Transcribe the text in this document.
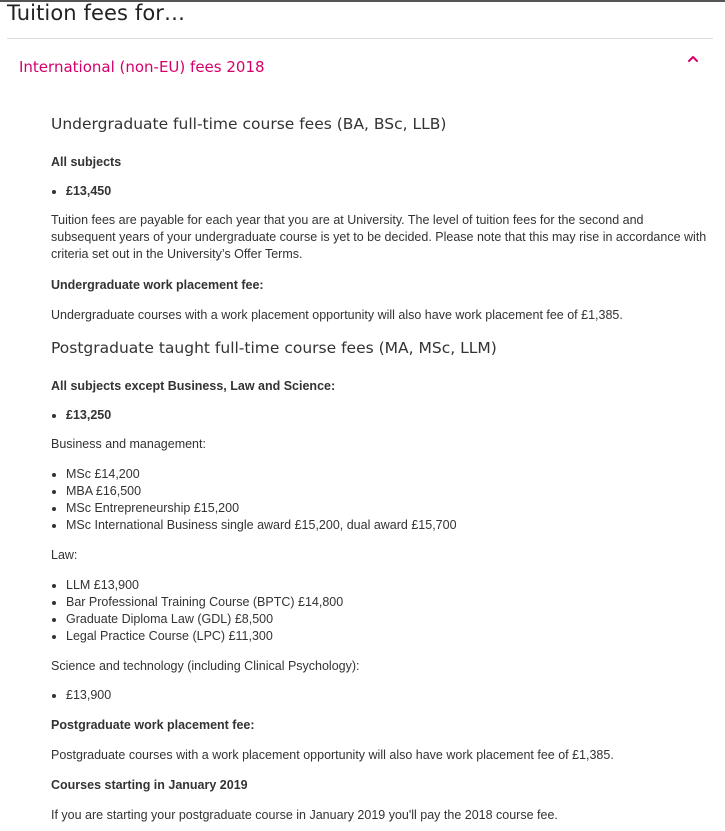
Tuition fees for…
International (non-EU) fees 2018
Undergraduate full-time course fees (BA, BSc, LLB)

All subjects

• £13,450

Tuition fees are payable for each year that you are at University. The level of tuition fees for the second and subsequent years of your undergraduate course is yet to be decided. Please note that this may rise in accordance with criteria set out in the University’s Offer Terms.

Undergraduate work placement fee:

Undergraduate courses with a work placement opportunity will also have work placement fee of £1,385.

Postgraduate taught full-time course fees (MA, MSc, LLM)

All subjects except Business, Law and Science:

• £13,250

Business and management:

• MSc £14,200
• MBA £16,500
• MSc Entrepreneurship £15,200
• MSc International Business single award £15,200, dual award £15,700

Law:

• LLM £13,900
• Bar Professional Training Course (BPTC) £14,800
• Graduate Diploma Law (GDL) £8,500
• Legal Practice Course (LPC) £11,300

Science and technology (including Clinical Psychology):

• £13,900

Postgraduate work placement fee:

Postgraduate courses with a work placement opportunity will also have work placement fee of £1,385.

Courses starting in January 2019

If you are starting your postgraduate course in January 2019 you'll pay the 2018 course fee.
